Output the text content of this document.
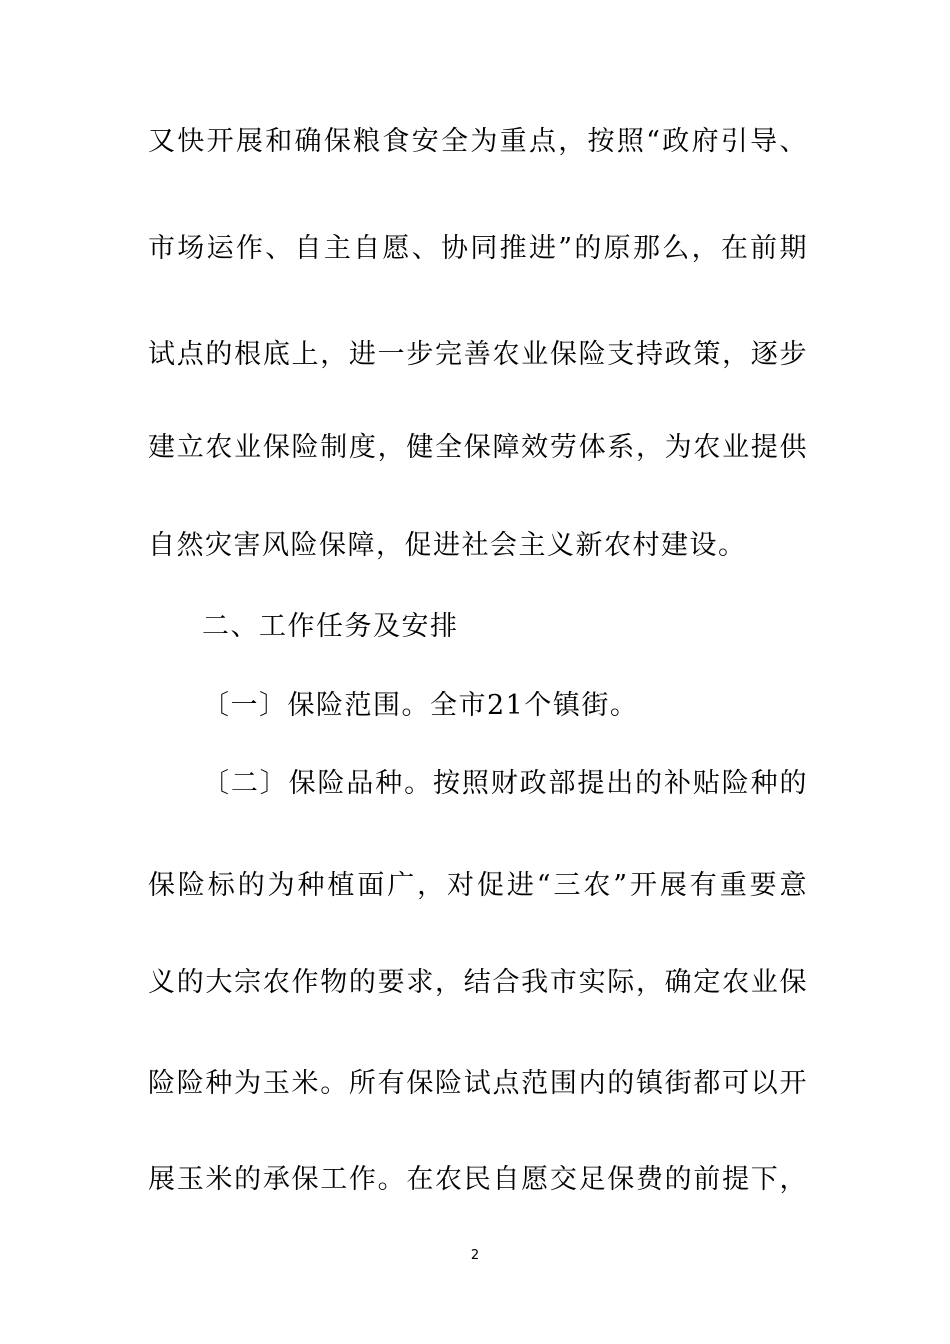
又快开展和确保粮食安全为重点，按照“政府引导、
市场运作、自主自愿、协同推进”的原那么，在前期
试点的根底上，进一步完善农业保险支持政策，逐步
建立农业保险制度，健全保障效劳体系，为农业提供
自然灾害风险保障，促进社会主义新农村建设。
二、工作任务及安排
〔一〕保险范围。全市21个镇街。
〔二〕保险品种。按照财政部提出的补贴险种的
保险标的为种植面广，对促进“三农”开展有重要意
义的大宗农作物的要求，结合我市实际，确定农业保
险险种为玉米。所有保险试点范围内的镇街都可以开
展玉米的承保工作。在农民自愿交足保费的前提下，
2
